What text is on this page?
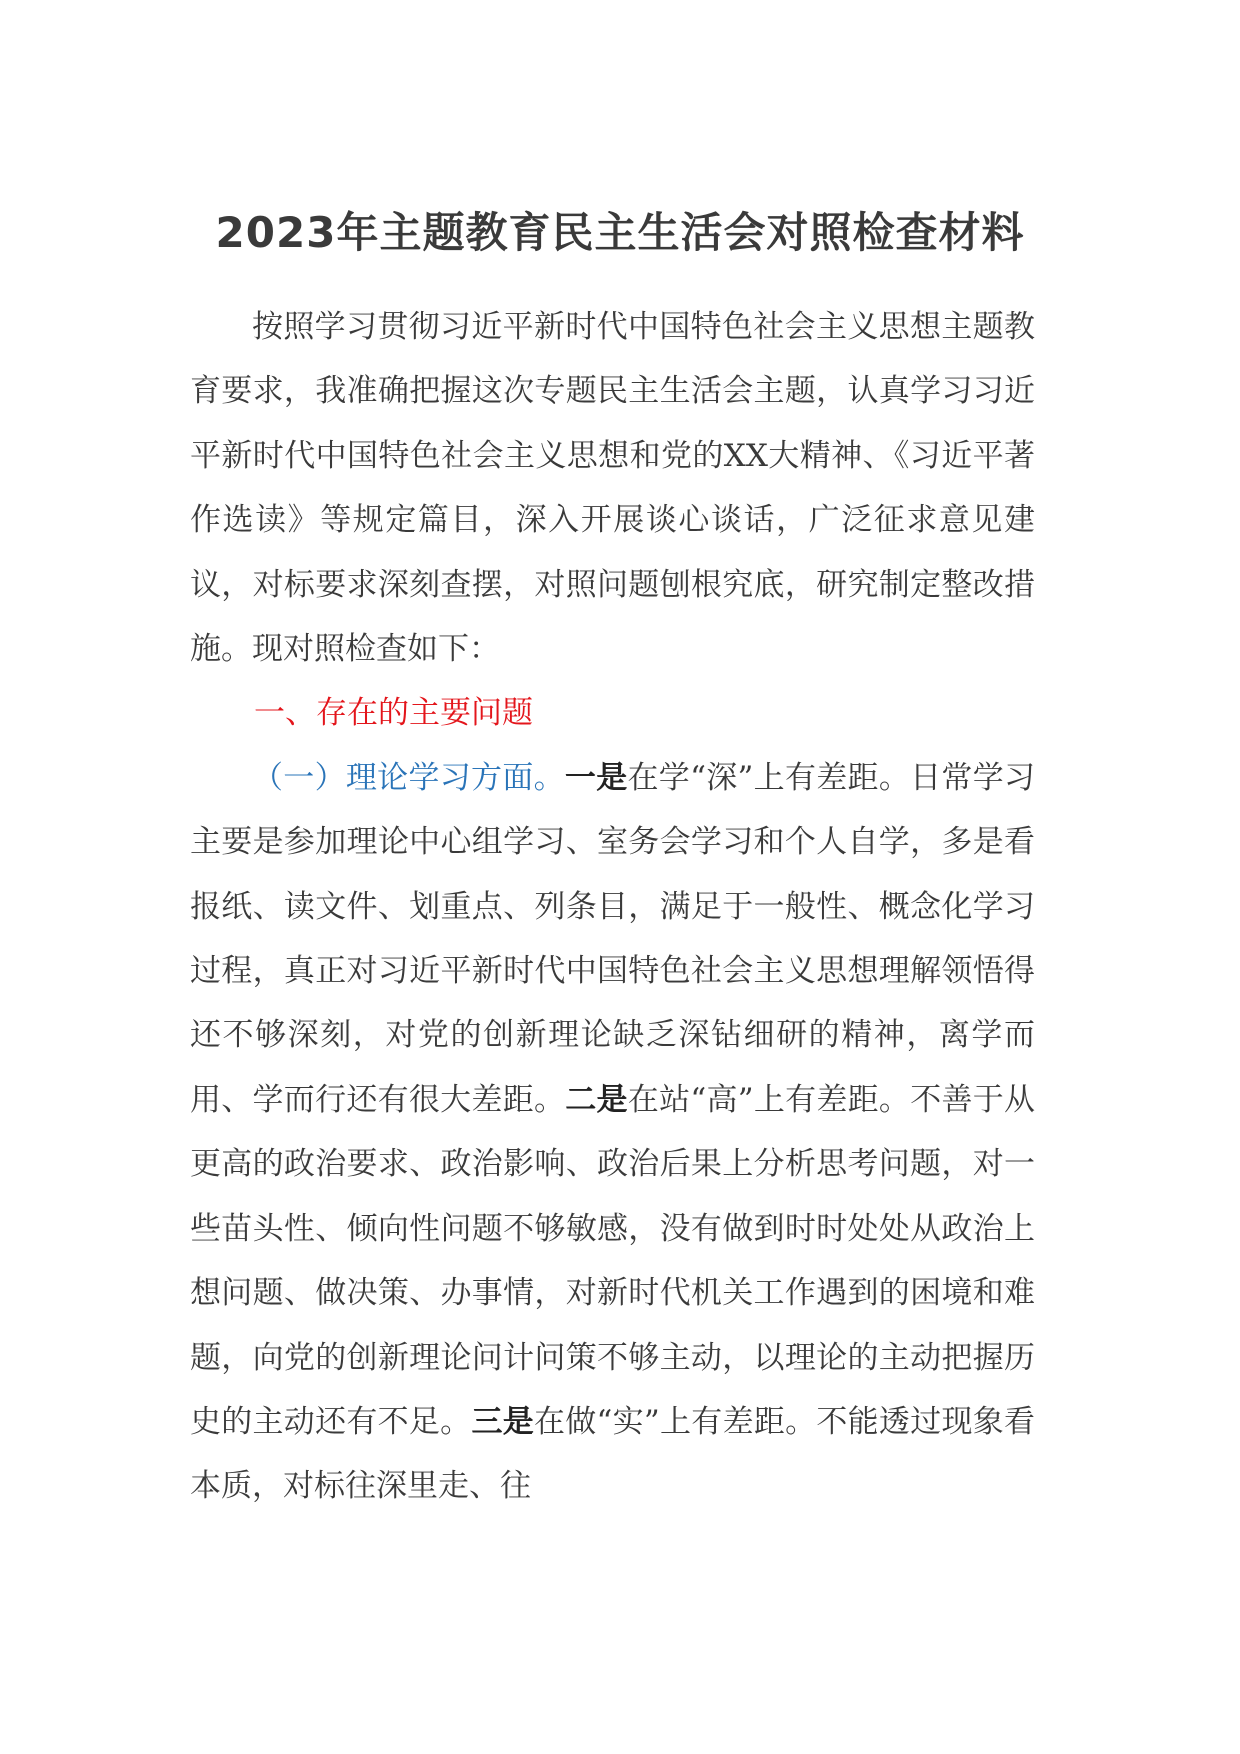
2023年主题教育民主生活会对照检查材料

按照学习贯彻习近平新时代中国特色社会主义思想主题教育要求，我准确把握这次专题民主生活会主题，认真学习习近平新时代中国特色社会主义思想和党的XX大精神、《习近平著作选读》等规定篇目，深入开展谈心谈话，广泛征求意见建议，对标要求深刻查摆，对照问题刨根究底，研究制定整改措施。现对照检查如下：

一、存在的主要问题

（一）理论学习方面。一是在学“深”上有差距。日常学习主要是参加理论中心组学习、室务会学习和个人自学，多是看报纸、读文件、划重点、列条目，满足于一般性、概念化学习过程，真正对习近平新时代中国特色社会主义思想理解领悟得还不够深刻，对党的创新理论缺乏深钻细研的精神，离学而用、学而行还有很大差距。二是在站“高”上有差距。不善于从更高的政治要求、政治影响、政治后果上分析思考问题，对一些苗头性、倾向性问题不够敏感，没有做到时时处处从政治上想问题、做决策、办事情，对新时代机关工作遇到的困境和难题，向党的创新理论问计问策不够主动，以理论的主动把握历史的主动还有不足。三是在做“实”上有差距。不能透过现象看本质，对标往深里走、往
